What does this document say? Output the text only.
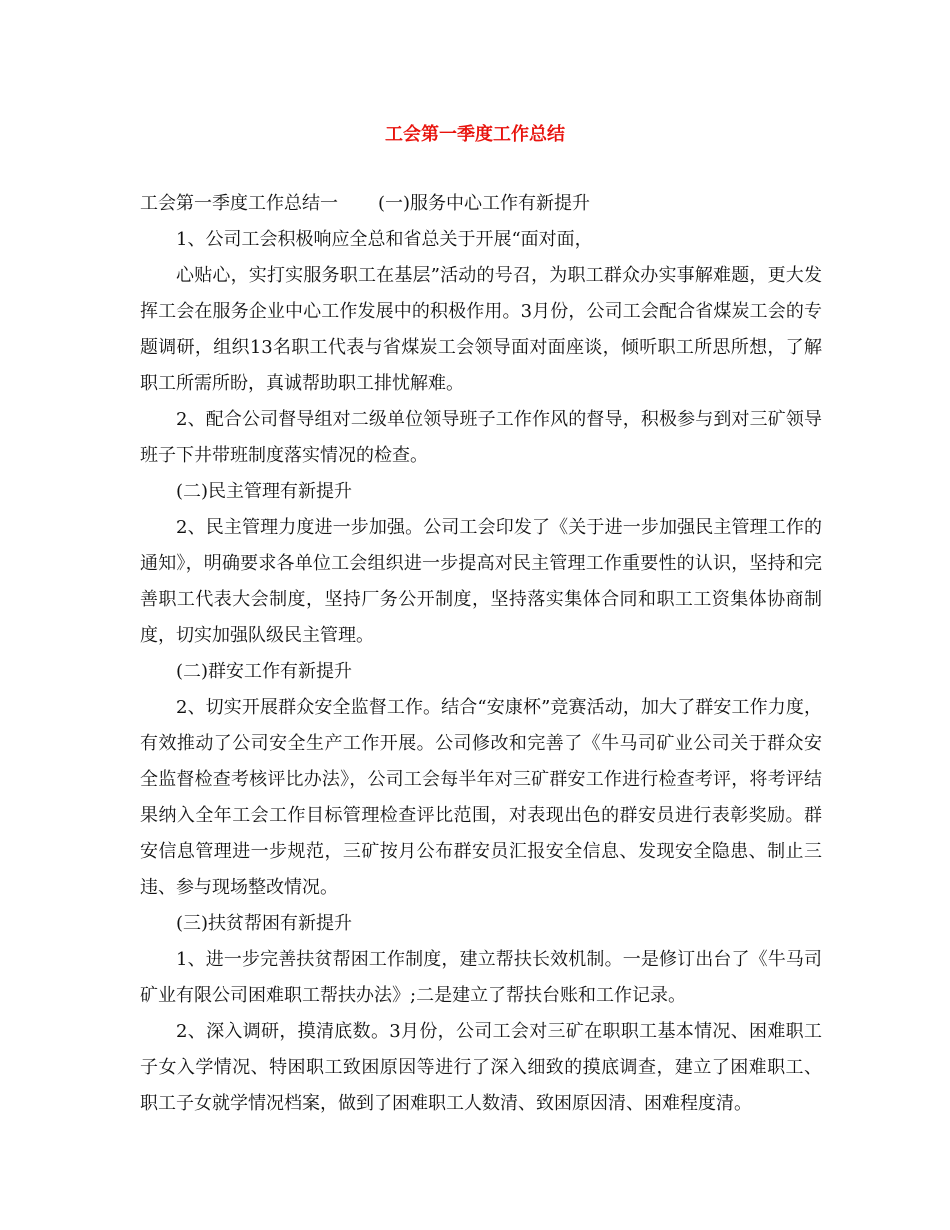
工会第一季度工作总结

工会第一季度工作总结一 (一)服务中心工作有新提升

1、公司工会积极响应全总和省总关于开展“面对面，

心贴心，实打实服务职工在基层”活动的号召，为职工群众办实事解难题，更大发挥工会在服务企业中心工作发展中的积极作用。3月份，公司工会配合省煤炭工会的专题调研，组织13名职工代表与省煤炭工会领导面对面座谈，倾听职工所思所想，了解职工所需所盼，真诚帮助职工排忧解难。

2、配合公司督导组对二级单位领导班子工作作风的督导，积极参与到对三矿领导班子下井带班制度落实情况的检查。

(二)民主管理有新提升

2、民主管理力度进一步加强。公司工会印发了《关于进一步加强民主管理工作的通知》，明确要求各单位工会组织进一步提高对民主管理工作重要性的认识，坚持和完善职工代表大会制度，坚持厂务公开制度，坚持落实集体合同和职工工资集体协商制度，切实加强队级民主管理。

(二)群安工作有新提升

2、切实开展群众安全监督工作。结合“安康杯”竞赛活动，加大了群安工作力度，有效推动了公司安全生产工作开展。公司修改和完善了《牛马司矿业公司关于群众安全监督检查考核评比办法》，公司工会每半年对三矿群安工作进行检查考评，将考评结果纳入全年工会工作目标管理检查评比范围，对表现出色的群安员进行表彰奖励。群安信息管理进一步规范，三矿按月公布群安员汇报安全信息、发现安全隐患、制止三违、参与现场整改情况。

(三)扶贫帮困有新提升

1、进一步完善扶贫帮困工作制度，建立帮扶长效机制。一是修订出台了《牛马司矿业有限公司困难职工帮扶办法》;二是建立了帮扶台账和工作记录。

2、深入调研，摸清底数。3月份，公司工会对三矿在职职工基本情况、困难职工子女入学情况、特困职工致困原因等进行了深入细致的摸底调查，建立了困难职工、职工子女就学情况档案，做到了困难职工人数清、致困原因清、困难程度清。
